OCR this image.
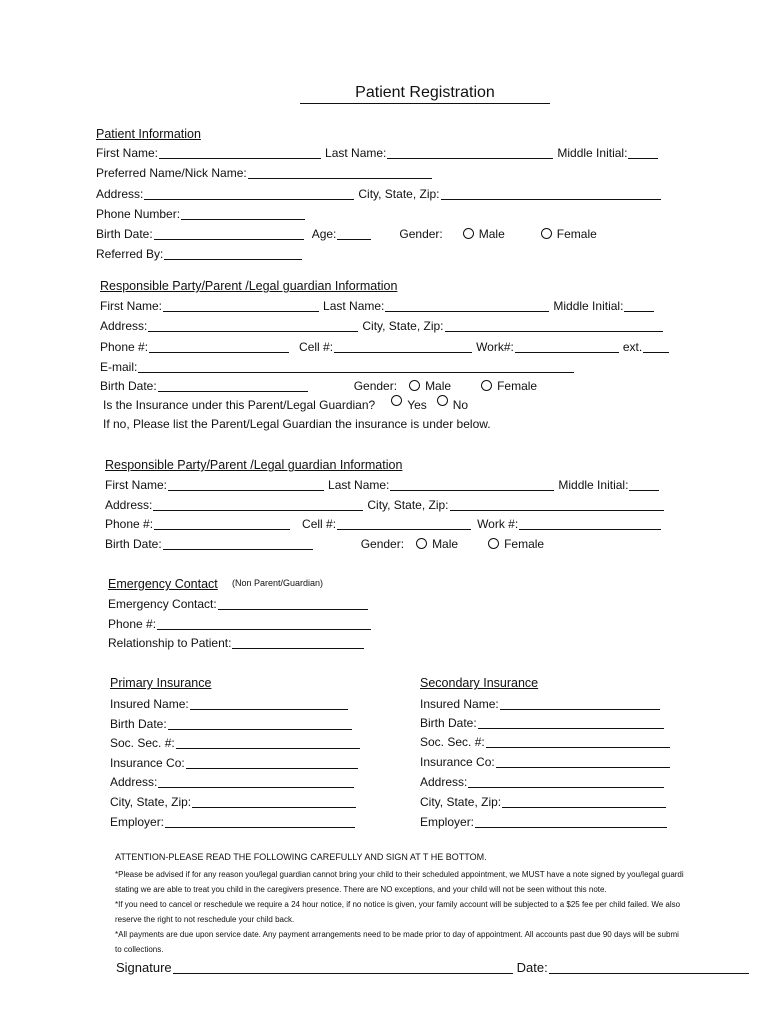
Patient Registration
Patient Information
First Name:	Last Name:	Middle Initial:
Preferred Name/Nick Name:
Address:	City, State, Zip:
Phone Number:
Birth Date:	Age:	Gender:	Male	Female
Referred By:
Responsible Party/Parent /Legal guardian Information
First Name:	Last Name:	Middle Initial:
Address:	City, State, Zip:
Phone #:	Cell #:	Work#:	ext.
E-mail:
Birth Date:	Gender: Male	Female
Is the Insurance under this Parent/Legal Guardian?	Yes No
If no, Please list the Parent/Legal Guardian the insurance is under below.
Responsible Party/Parent /Legal guardian Information
First Name:	Last Name:	Middle Initial:
Address:	City, State, Zip:
Phone #:	Cell #:	Work #:
Birth Date:	Gender: Male	Female
Emergency Contact (Non Parent/Guardian)
Emergency Contact:
Phone #:
Relationship to Patient:
Primary Insurance
Insured Name:
Birth Date:
Soc. Sec. #:
Insurance Co:
Address:
City, State, Zip:
Employer:
Secondary Insurance
Insured Name:
Birth Date:
Soc. Sec. #:
Insurance Co:
Address:
City, State, Zip:
Employer:
ATTENTION-PLEASE READ THE FOLLOWING CAREFULLY AND SIGN AT T HE BOTTOM.
*Please be advised if for any reason you/legal guardian cannot bring your child to their scheduled appointment, we MUST have a note signed by you/legal guardi
stating we are able to treat you child in the caregivers presence. There are NO exceptions, and your child will not be seen without this note.
*If you need to cancel or reschedule we require a 24 hour notice, if no notice is given, your family account will be subjected to a $25 fee per child failed. We also
reserve the right to not reschedule your child back.
*All payments are due upon service date. Any payment arrangements need to be made prior to day of appointment. All accounts past due 90 days will be submi
to collections.
Signature	Date:
